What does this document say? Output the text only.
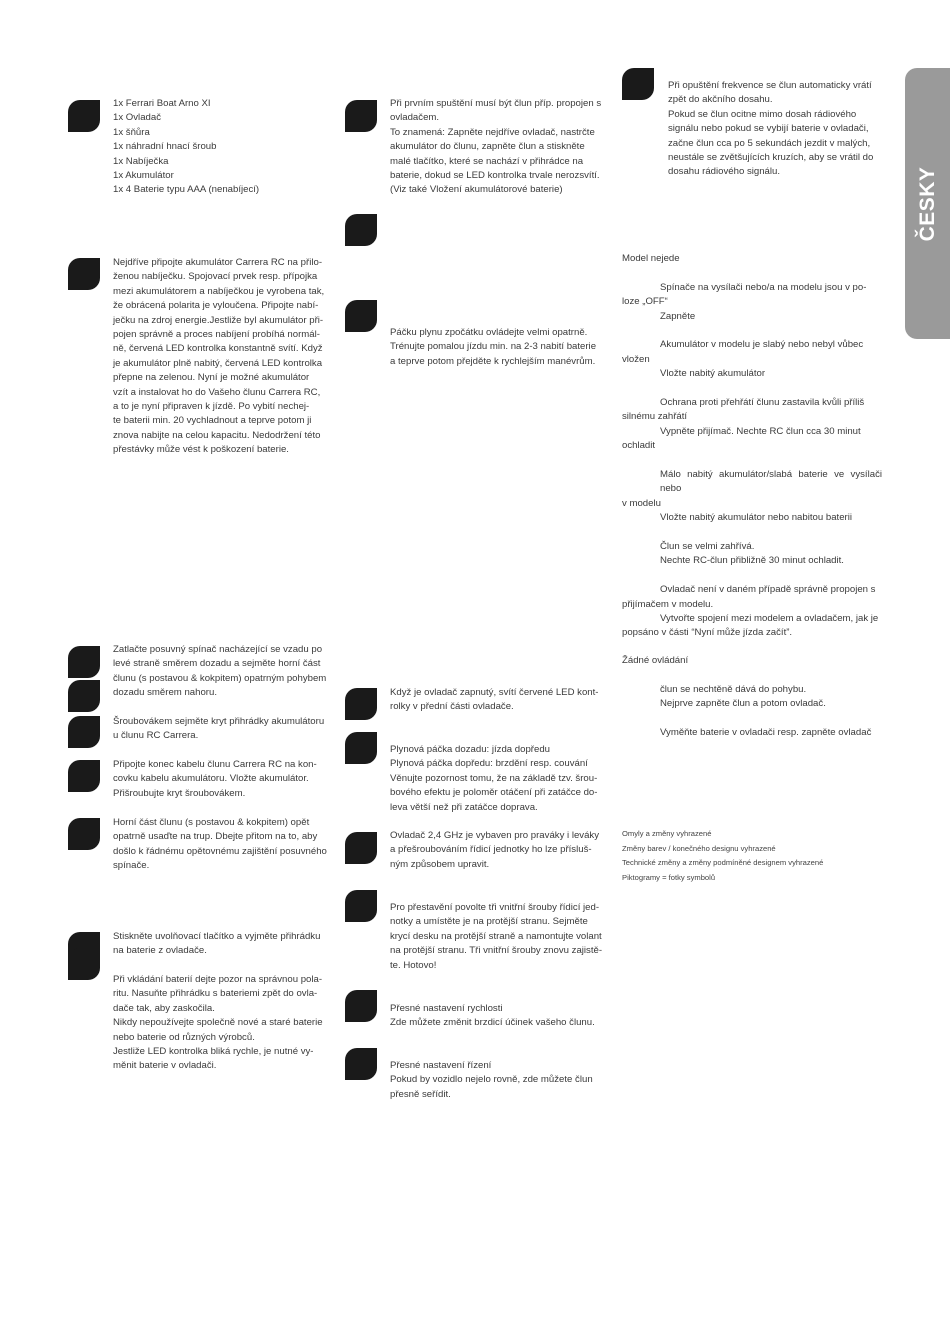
ČESKY
1x Ferrari Boat Arno XI
1x Ovladač
1x šňůra
1x náhradní hnací šroub
1x Nabíječka
1x Akumulátor
1x 4 Baterie typu AAA (nenabíjecí)
Nejdříve připojte akumulátor Carrera RC na přilo-
ženou nabíječku. Spojovací prvek resp. přípojka
mezi akumulátorem a nabíječkou je vyrobena tak,
že obrácená polarita je vyloučena. Připojte nabí-
ječku na zdroj energie.Jestliže byl akumulátor při-
pojen správně a proces nabíjení probíhá normál-
ně, červená LED kontrolka konstantně svítí. Když
je akumulátor plně nabitý, červená LED kontrolka
přepne na zelenou. Nyní je možné akumulátor
vzít a instalovat ho do Vašeho člunu Carrera RC,
a to je nyní připraven k jízdě. Po vybití nechej-
te baterii min. 20 vychladnout a teprve potom ji
znova nabijte na celou kapacitu. Nedodržení této
přestávky může vést k poškození baterie.
Zatlačte posuvný spínač nacházející se vzadu po
levé straně směrem dozadu a sejměte horní část
člunu (s postavou & kokpitem) opatrným pohybem
dozadu směrem nahoru.
Šroubovákem sejměte kryt přihrádky akumulátoru
u člunu RC Carrera.
Připojte konec kabelu člunu Carrera RC na kon-
covku kabelu akumulátoru. Vložte akumulátor.
Přišroubujte kryt šroubovákem.
Horní část člunu (s postavou & kokpitem) opět
opatrně usaďte na trup. Dbejte přitom na to, aby
došlo k řádnému opětovnému zajištění posuvného
spínače.
Stiskněte uvolňovací tlačítko a vyjměte přihrádku
na baterie z ovladače.
Při vkládání baterií dejte pozor na správnou pola-
ritu. Nasuňte přihrádku s bateriemi zpět do ovla-
dače tak, aby zaskočila.
Nikdy nepoužívejte společně nové a staré baterie
nebo baterie od různých výrobců.
Jestliže LED kontrolka bliká rychle, je nutné vy-
měnit baterie v ovladači.
Při prvním spuštění musí být člun příp. propojen s
ovladačem.
To znamená: Zapněte nejdříve ovladač, nastrčte
akumulátor do člunu, zapněte člun a stiskněte
malé tlačítko, které se nachází v přihrádce na
baterie, dokud se LED kontrolka trvale nerozsvítí.
(Viz také Vložení akumulátorové baterie)
Páčku plynu zpočátku ovládejte velmi opatrně.
Trénujte pomalou jízdu min. na 2-3 nabití baterie
a teprve potom přejděte k rychlejším manévrům.
Když je ovladač zapnutý, svítí červené LED kont-
rolky v přední části ovladače.
Plynová páčka dozadu: jízda dopředu
Plynová páčka dopředu: brzdění resp. couvání
Věnujte pozornost tomu, že na základě tzv. šrou-
bového efektu je poloměr otáčení při zatáčce do-
leva větší než při zatáčce doprava.
Ovladač 2,4 GHz je vybaven pro praváky i leváky
a přešroubováním řídicí jednotky ho lze přísluš-
ným způsobem upravit.
Pro přestavění povolte tři vnitřní šrouby řídicí jed-
notky a umístěte je na protější stranu. Sejměte
krycí desku na protější straně a namontujte volant
na protější stranu. Tři vnitřní šrouby znovu zajistě-
te. Hotovo!
Přesné nastavení rychlosti
Zde můžete změnit brzdicí účinek vašeho člunu.
Přesné nastavení řízení
Pokud by vozidlo nejelo rovně, zde můžete člun
přesně seřídit.
Při opuštění frekvence se člun automaticky vrátí
zpět do akčního dosahu.
Pokud se člun ocitne mimo dosah rádiového
signálu nebo pokud se vybijí baterie v ovladači,
začne člun cca po 5 sekundách jezdit v malých,
neustále se zvětšujících kruzích, aby se vrátil do
dosahu rádiového signálu.
Model nejede
Spínače na vysílači nebo/a na modelu jsou v po-
loze „OFF“
Zapněte
Akumulátor v modelu je slabý nebo nebyl vůbec
vložen
Vložte nabitý akumulátor
Ochrana proti přehřátí člunu zastavila kvůli příliš
silnému zahřátí
Vypněte přijímač. Nechte RC člun cca 30 minut
ochladit
Málo nabitý akumulátor/slabá baterie ve vysílači nebo
v modelu
Vložte nabitý akumulátor nebo nabitou baterii
Člun se velmi zahřívá.
Nechte RC-člun přibližně 30 minut ochladit.
Ovladač není v daném případě správně propojen s
přijímačem v modelu.
Vytvořte spojení mezi modelem a ovladačem, jak je
popsáno v části “Nyní může jízda začít”.
Žádné ovládání
člun se nechtěně dává do pohybu.
Nejprve zapněte člun a potom ovladač.
Vyměňte baterie v ovladači resp. zapněte ovladač
Omyly a změny vyhrazené
Změny barev / konečného designu vyhrazené
Technické změny a změny podmíněné designem vyhrazené
Piktogramy = fotky symbolů
